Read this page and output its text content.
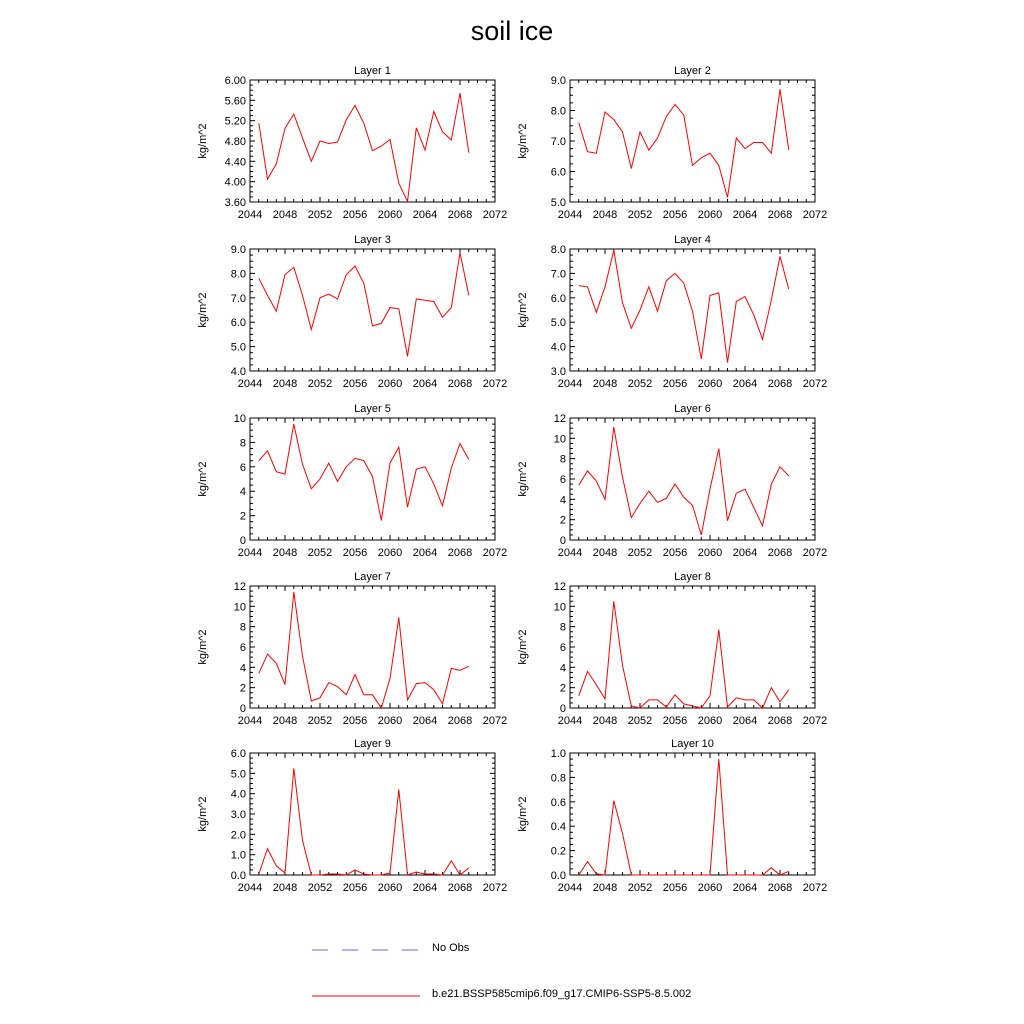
soil ice
Layer 1
kg/m^2
2044 2048 2052 2056 2060 2064 2068 2072
3.60
4.00
4.40
4.80
5.20
5.60
6.00
Layer 2
kg/m^2
2044 2048 2052 2056 2060 2064 2068 2072
5.0
6.0
7.0
8.0
9.0
Layer 3
kg/m^2
2044 2048 2052 2056 2060 2064 2068 2072
4.0
5.0
6.0
7.0
8.0
9.0
Layer 4
kg/m^2
2044 2048 2052 2056 2060 2064 2068 2072
3.0
4.0
5.0
6.0
7.0
8.0
Layer 5
kg/m^2
2044 2048 2052 2056 2060 2064 2068 2072
0
2
4
6
8
10
Layer 6
kg/m^2
2044 2048 2052 2056 2060 2064 2068 2072
0
2
4
6
8
10
12
Layer 7
kg/m^2
2044 2048 2052 2056 2060 2064 2068 2072
0
2
4
6
8
10
12
Layer 8
kg/m^2
2044 2048 2052 2056 2060 2064 2068 2072
0
2
4
6
8
10
12
Layer 9
kg/m^2
2044 2048 2052 2056 2060 2064 2068 2072
0.0
1.0
2.0
3.0
4.0
5.0
6.0
Layer 10
kg/m^2
2044 2048 2052 2056 2060 2064 2068 2072
0.0
0.2
0.4
0.6
0.8
1.0
No Obs
b.e21.BSSP585cmip6.f09_g17.CMIP6-SSP5-8.5.002
